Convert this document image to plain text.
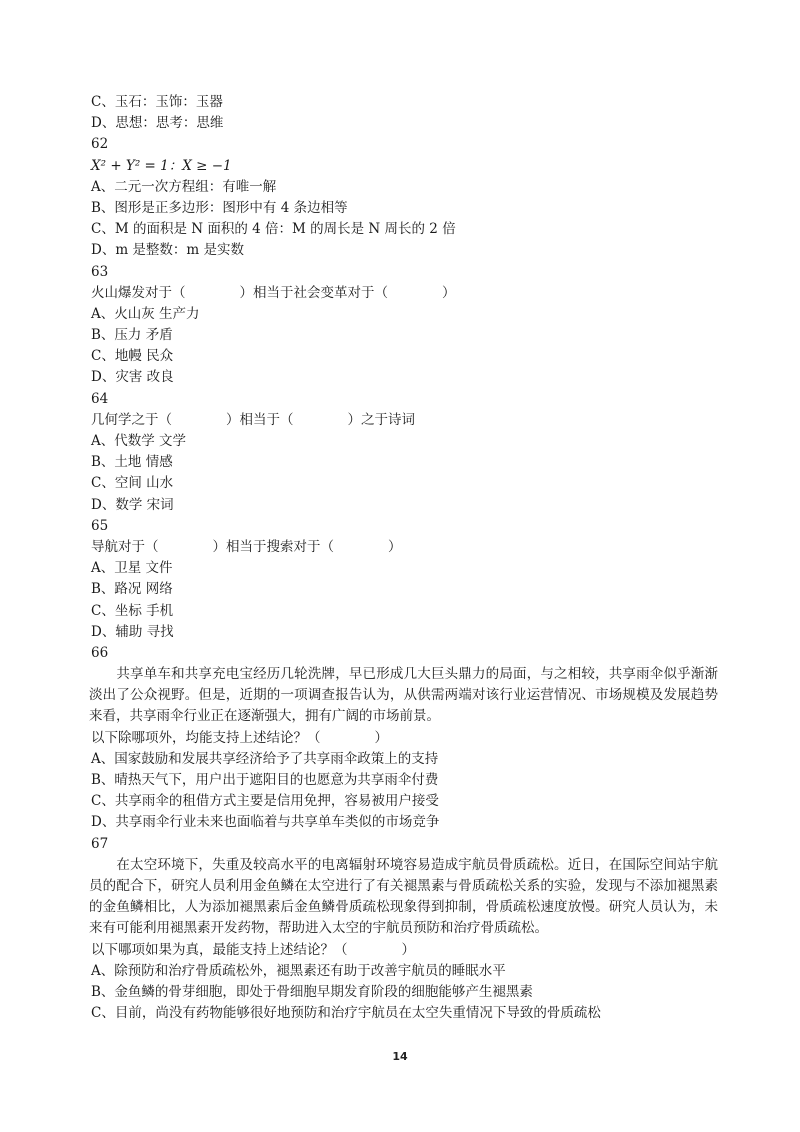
C、玉石：玉饰：玉器
D、思想：思考：思维
62
X² + Y² = 1：X ≥ −1
A、二元一次方程组：有唯一解
B、图形是正多边形：图形中有 4 条边相等
C、M 的面积是 N 面积的 4 倍：M 的周长是 N 周长的 2 倍
D、m 是整数：m 是实数
63
火山爆发对于（　　　　）相当于社会变革对于（　　　　）
A、火山灰 生产力
B、压力 矛盾
C、地幔 民众
D、灾害 改良
64
几何学之于（　　　　）相当于（　　　　）之于诗词
A、代数学 文学
B、土地 情感
C、空间 山水
D、数学 宋词
65
导航对于（　　　　）相当于搜索对于（　　　　）
A、卫星 文件
B、路况 网络
C、坐标 手机
D、辅助 寻找
66
　　共享单车和共享充电宝经历几轮洗牌，早已形成几大巨头鼎力的局面，与之相较，共享雨伞似乎渐渐淡出了公众视野。但是，近期的一项调查报告认为，从供需两端对该行业运营情况、市场规模及发展趋势来看，共享雨伞行业正在逐渐强大，拥有广阔的市场前景。
以下除哪项外，均能支持上述结论？（　　　　）
A、国家鼓励和发展共享经济给予了共享雨伞政策上的支持
B、晴热天气下，用户出于遮阳目的也愿意为共享雨伞付费
C、共享雨伞的租借方式主要是信用免押，容易被用户接受
D、共享雨伞行业未来也面临着与共享单车类似的市场竞争
67
　　在太空环境下，失重及较高水平的电离辐射环境容易造成宇航员骨质疏松。近日，在国际空间站宇航员的配合下，研究人员利用金鱼鳞在太空进行了有关褪黑素与骨质疏松关系的实验，发现与不添加褪黑素的金鱼鳞相比，人为添加褪黑素后金鱼鳞骨质疏松现象得到抑制，骨质疏松速度放慢。研究人员认为，未来有可能利用褪黑素开发药物，帮助进入太空的宇航员预防和治疗骨质疏松。
以下哪项如果为真，最能支持上述结论？（　　　　）
A、除预防和治疗骨质疏松外，褪黑素还有助于改善宇航员的睡眠水平
B、金鱼鳞的骨芽细胞，即处于骨细胞早期发育阶段的细胞能够产生褪黑素
C、目前，尚没有药物能够很好地预防和治疗宇航员在太空失重情况下导致的骨质疏松
14
